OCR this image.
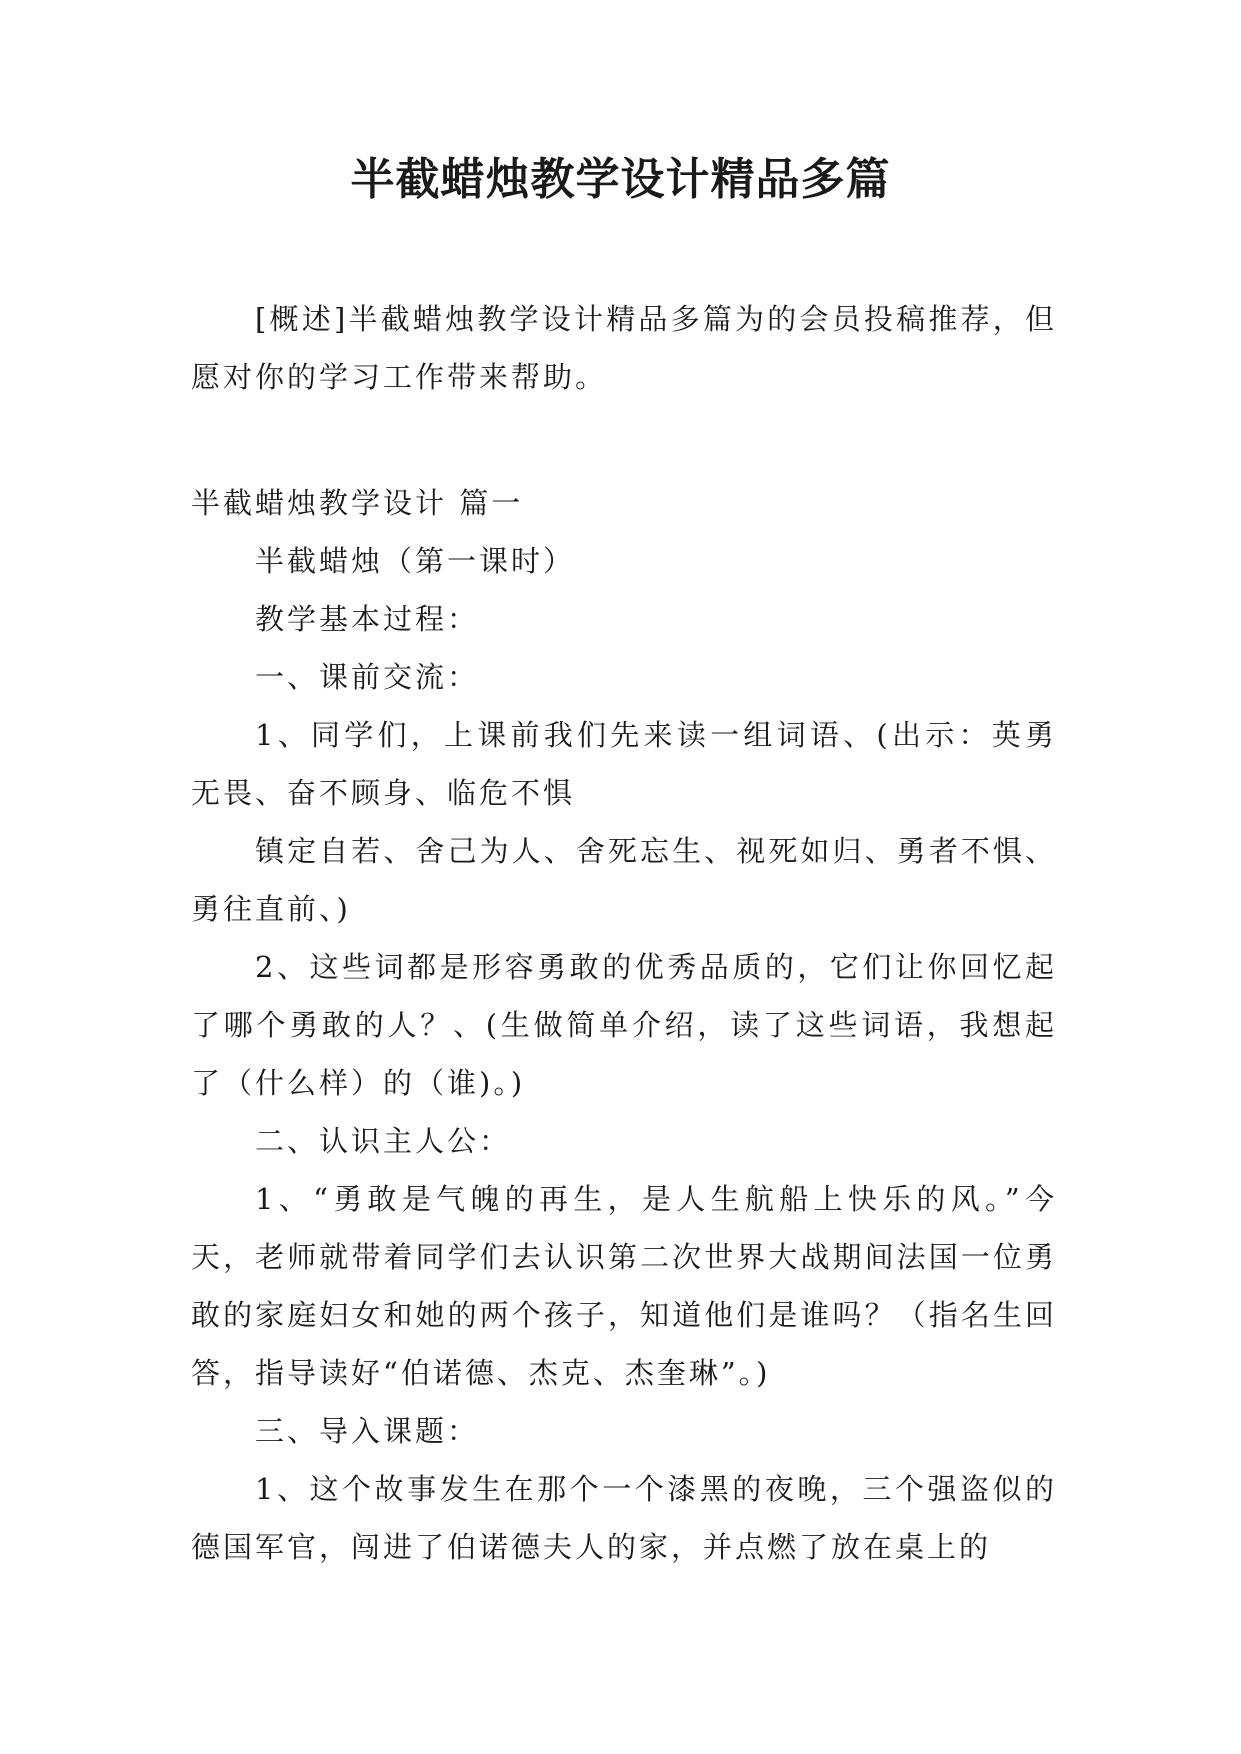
半截蜡烛教学设计精品多篇

[概述]半截蜡烛教学设计精品多篇为的会员投稿推荐，但愿对你的学习工作带来帮助。

半截蜡烛教学设计 篇一

半截蜡烛（第一课时）

教学基本过程：

一、课前交流：

1、同学们，上课前我们先来读一组词语、(出示：英勇无畏、奋不顾身、临危不惧

镇定自若、舍己为人、舍死忘生、视死如归、勇者不惧、勇往直前、)

2、这些词都是形容勇敢的优秀品质的，它们让你回忆起了哪个勇敢的人？、(生做简单介绍，读了这些词语，我想起了（什么样）的（谁)。)

二、认识主人公：

1、“勇敢是气魄的再生，是人生航船上快乐的风。”今天，老师就带着同学们去认识第二次世界大战期间法国一位勇敢的家庭妇女和她的两个孩子，知道他们是谁吗？（指名生回答，指导读好“伯诺德、杰克、杰奎琳”。)

三、导入课题：

1、这个故事发生在那个一个漆黑的夜晚，三个强盗似的德国军官，闯进了伯诺德夫人的家，并点燃了放在桌上的
